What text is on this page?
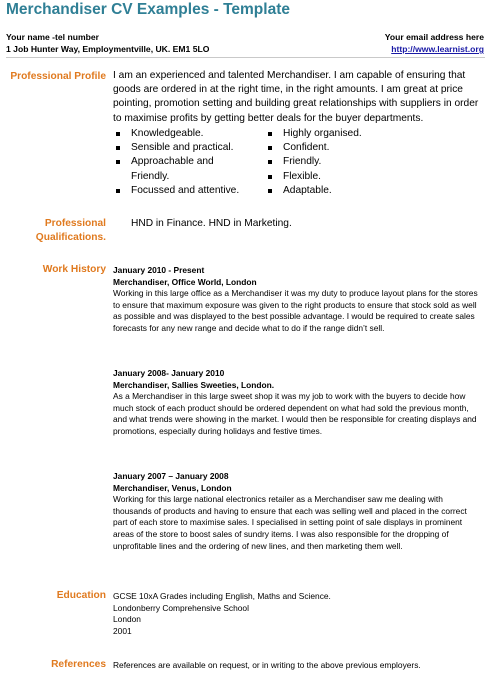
Merchandiser CV Examples - Template
Your name -tel number
1 Job Hunter Way, Employmentville, UK. EM1 5LO
Your email address here
http://www.learnist.org
Professional Profile I am an experienced and talented Merchandiser. I am capable of ensuring that goods are ordered in at the right time, in the right amounts. I am great at price pointing, promotion setting and building great relationships with suppliers in order to maximise profits by getting better deals for the buyer departments.
Knowledgeable.
Sensible and practical.
Approachable and Friendly.
Focussed and attentive.
Highly organised.
Confident.
Friendly.
Flexible.
Adaptable.
Professional
Qualifications.
HND in Finance. HND in Marketing.
Work History January 2010 - Present
Merchandiser, Office World, London
Working in this large office as a Merchandiser it was my duty to produce layout plans for the stores to ensure that maximum exposure was given to the right products to ensure that stock sold as well as possible and was displayed to the best possible advantage. I would be required to create sales forecasts for any new range and decide what to do if the range didn’t sell.
January 2008- January 2010
Merchandiser, Sallies Sweeties, London.
As a Merchandiser in this large sweet shop it was my job to work with the buyers to decide how much stock of each product should be ordered dependent on what had sold the previous month, and what trends were showing in the market. I would then be responsible for creating displays and promotions, especially during holidays and festive times.
January 2007 – January 2008
Merchandiser, Venus, London
Working for this large national electronics retailer as a Merchandiser saw me dealing with thousands of products and having to ensure that each was selling well and placed in the correct part of each store to maximise sales. I specialised in setting point of sale displays in prominent areas of the store to boost sales of sundry items. I was also responsible for the dropping of unprofitable lines and the ordering of new lines, and then marketing them well.
Education GCSE 10xA Grades including English, Maths and Science.
Londonberry Comprehensive School
London
2001
References References are available on request, or in writing to the above previous employers.
